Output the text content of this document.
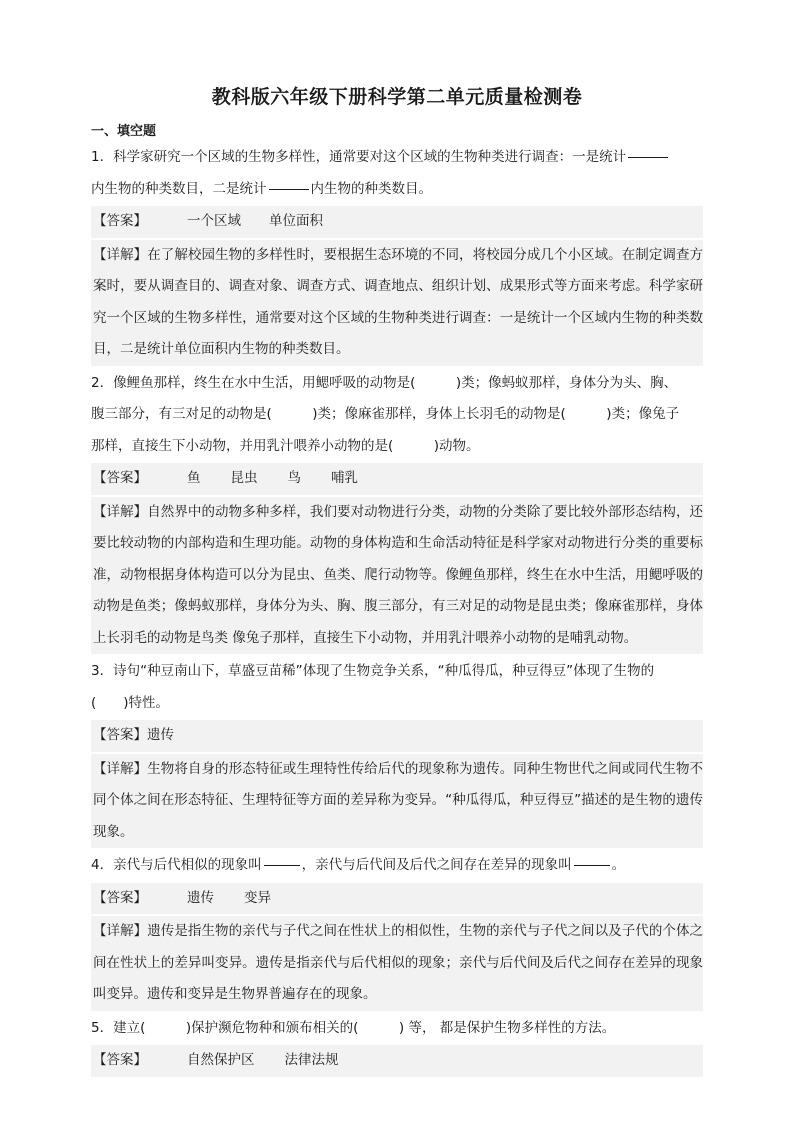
教科版六年级下册科学第二单元质量检测卷
一、填空题
1．科学家研究一个区域的生物多样性，通常要对这个区域的生物种类进行调查：一是统计
内生物的种类数目，二是统计	内生物的种类数目。
【答案】	一个区域 单位面积
【详解】在了解校园生物的多样性时，要根据生态环境的不同，将校园分成几个小区域。在制定调查方案时，要从调查目的、调查对象、调查方式、调查地点、组织计划、成果形式等方面来考虑。科学家研究一个区域的生物多样性，通常要对这个区域的生物种类进行调查：一是统计一个区域内生物的种类数目，二是统计单位面积内生物的种类数目。
2．像鲤鱼那样，终生在水中生活，用鳃呼吸的动物是(　　　)类；像蚂蚁那样，身体分为头、胸、
腹三部分，有三对足的动物是(　　　)类；像麻雀那样，身体上长羽毛的动物是(　　　)类；像兔子
那样，直接生下小动物，并用乳汁喂养小动物的是(　　　)动物。
【答案】	鱼 昆虫 鸟 哺乳
【详解】自然界中的动物多种多样，我们要对动物进行分类，动物的分类除了要比较外部形态结构，还要比较动物的内部构造和生理功能。动物的身体构造和生命活动特征是科学家对动物进行分类的重要标准，动物根据身体构造可以分为昆虫、鱼类、爬行动物等。像鲤鱼那样，终生在水中生活，用鳃呼吸的动物是鱼类；像蚂蚁那样，身体分为头、胸、腹三部分，有三对足的动物是昆虫类；像麻雀那样，身体上长羽毛的动物是鸟类 像兔子那样，直接生下小动物，并用乳汁喂养小动物的是哺乳动物。
3．诗句“种豆南山下，草盛豆苗稀”体现了生物竞争关系，“种瓜得瓜，种豆得豆”体现了生物的
(　　)特性。
【答案】遗传
【详解】生物将自身的形态特征或生理特性传给后代的现象称为遗传。同种生物世代之间或同代生物不同个体之间在形态特征、生理特征等方面的差异称为变异。“种瓜得瓜，种豆得豆”描述的是生物的遗传现象。
4．亲代与后代相似的现象叫	，亲代与后代间及后代之间存在差异的现象叫	。
【答案】	遗传 变异
【详解】遗传是指生物的亲代与子代之间在性状上的相似性，生物的亲代与子代之间以及子代的个体之间在性状上的差异叫变异。遗传是指亲代与后代相似的现象；亲代与后代间及后代之间存在差异的现象叫变异。遗传和变异是生物界普遍存在的现象。
5．建立(　　　)保护濒危物种和颁布相关的(　　　) 等， 都是保护生物多样性的方法。
【答案】	自然保护区 法律法规
